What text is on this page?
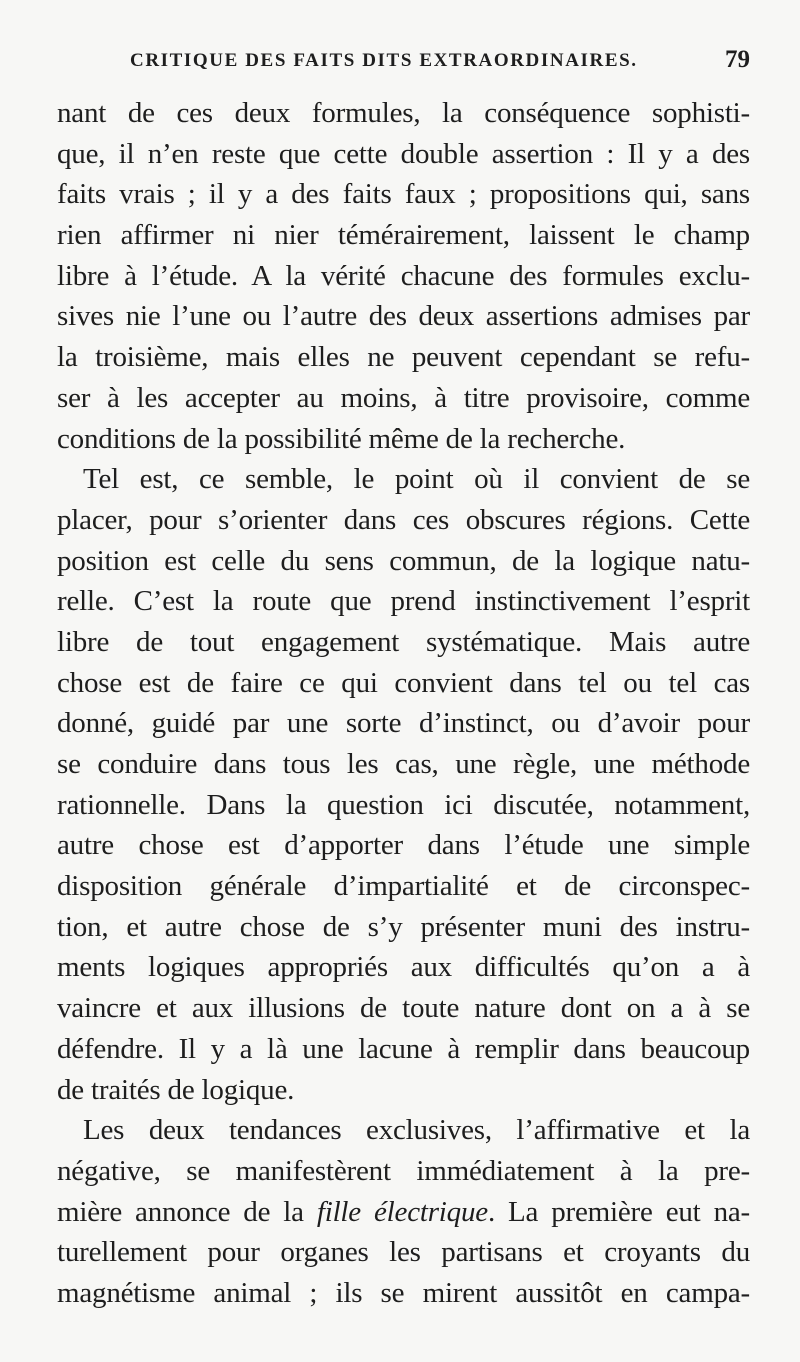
CRITIQUE DES FAITS DITS EXTRAORDINAIRES.	79
nant de ces deux formules, la conséquence sophisti-
que, il n’en reste que cette double assertion : Il y a des
faits vrais ; il y a des faits faux ; propositions qui, sans
rien affirmer ni nier témérairement, laissent le champ
libre à l’étude. A la vérité chacune des formules exclu-
sives nie l’une ou l’autre des deux assertions admises par
la troisième, mais elles ne peuvent cependant se refu-
ser à les accepter au moins, à titre provisoire, comme
conditions de la possibilité même de la recherche.
Tel est, ce semble, le point où il convient de se
placer, pour s’orienter dans ces obscures régions. Cette
position est celle du sens commun, de la logique natu-
relle. C’est la route que prend instinctivement l’esprit
libre de tout engagement systématique. Mais autre
chose est de faire ce qui convient dans tel ou tel cas
donné, guidé par une sorte d’instinct, ou d’avoir pour
se conduire dans tous les cas, une règle, une méthode
rationnelle. Dans la question ici discutée, notamment,
autre chose est d’apporter dans l’étude une simple
disposition générale d’impartialité et de circonspec-
tion, et autre chose de s’y présenter muni des instru-
ments logiques appropriés aux difficultés qu’on a à
vaincre et aux illusions de toute nature dont on a à se
défendre. Il y a là une lacune à remplir dans beaucoup
de traités de logique.
Les deux tendances exclusives, l’affirmative et la
négative, se manifestèrent immédiatement à la pre-
mière annonce de la fille électrique. La première eut na-
turellement pour organes les partisans et croyants du
magnétisme animal ; ils se mirent aussitôt en campa-
